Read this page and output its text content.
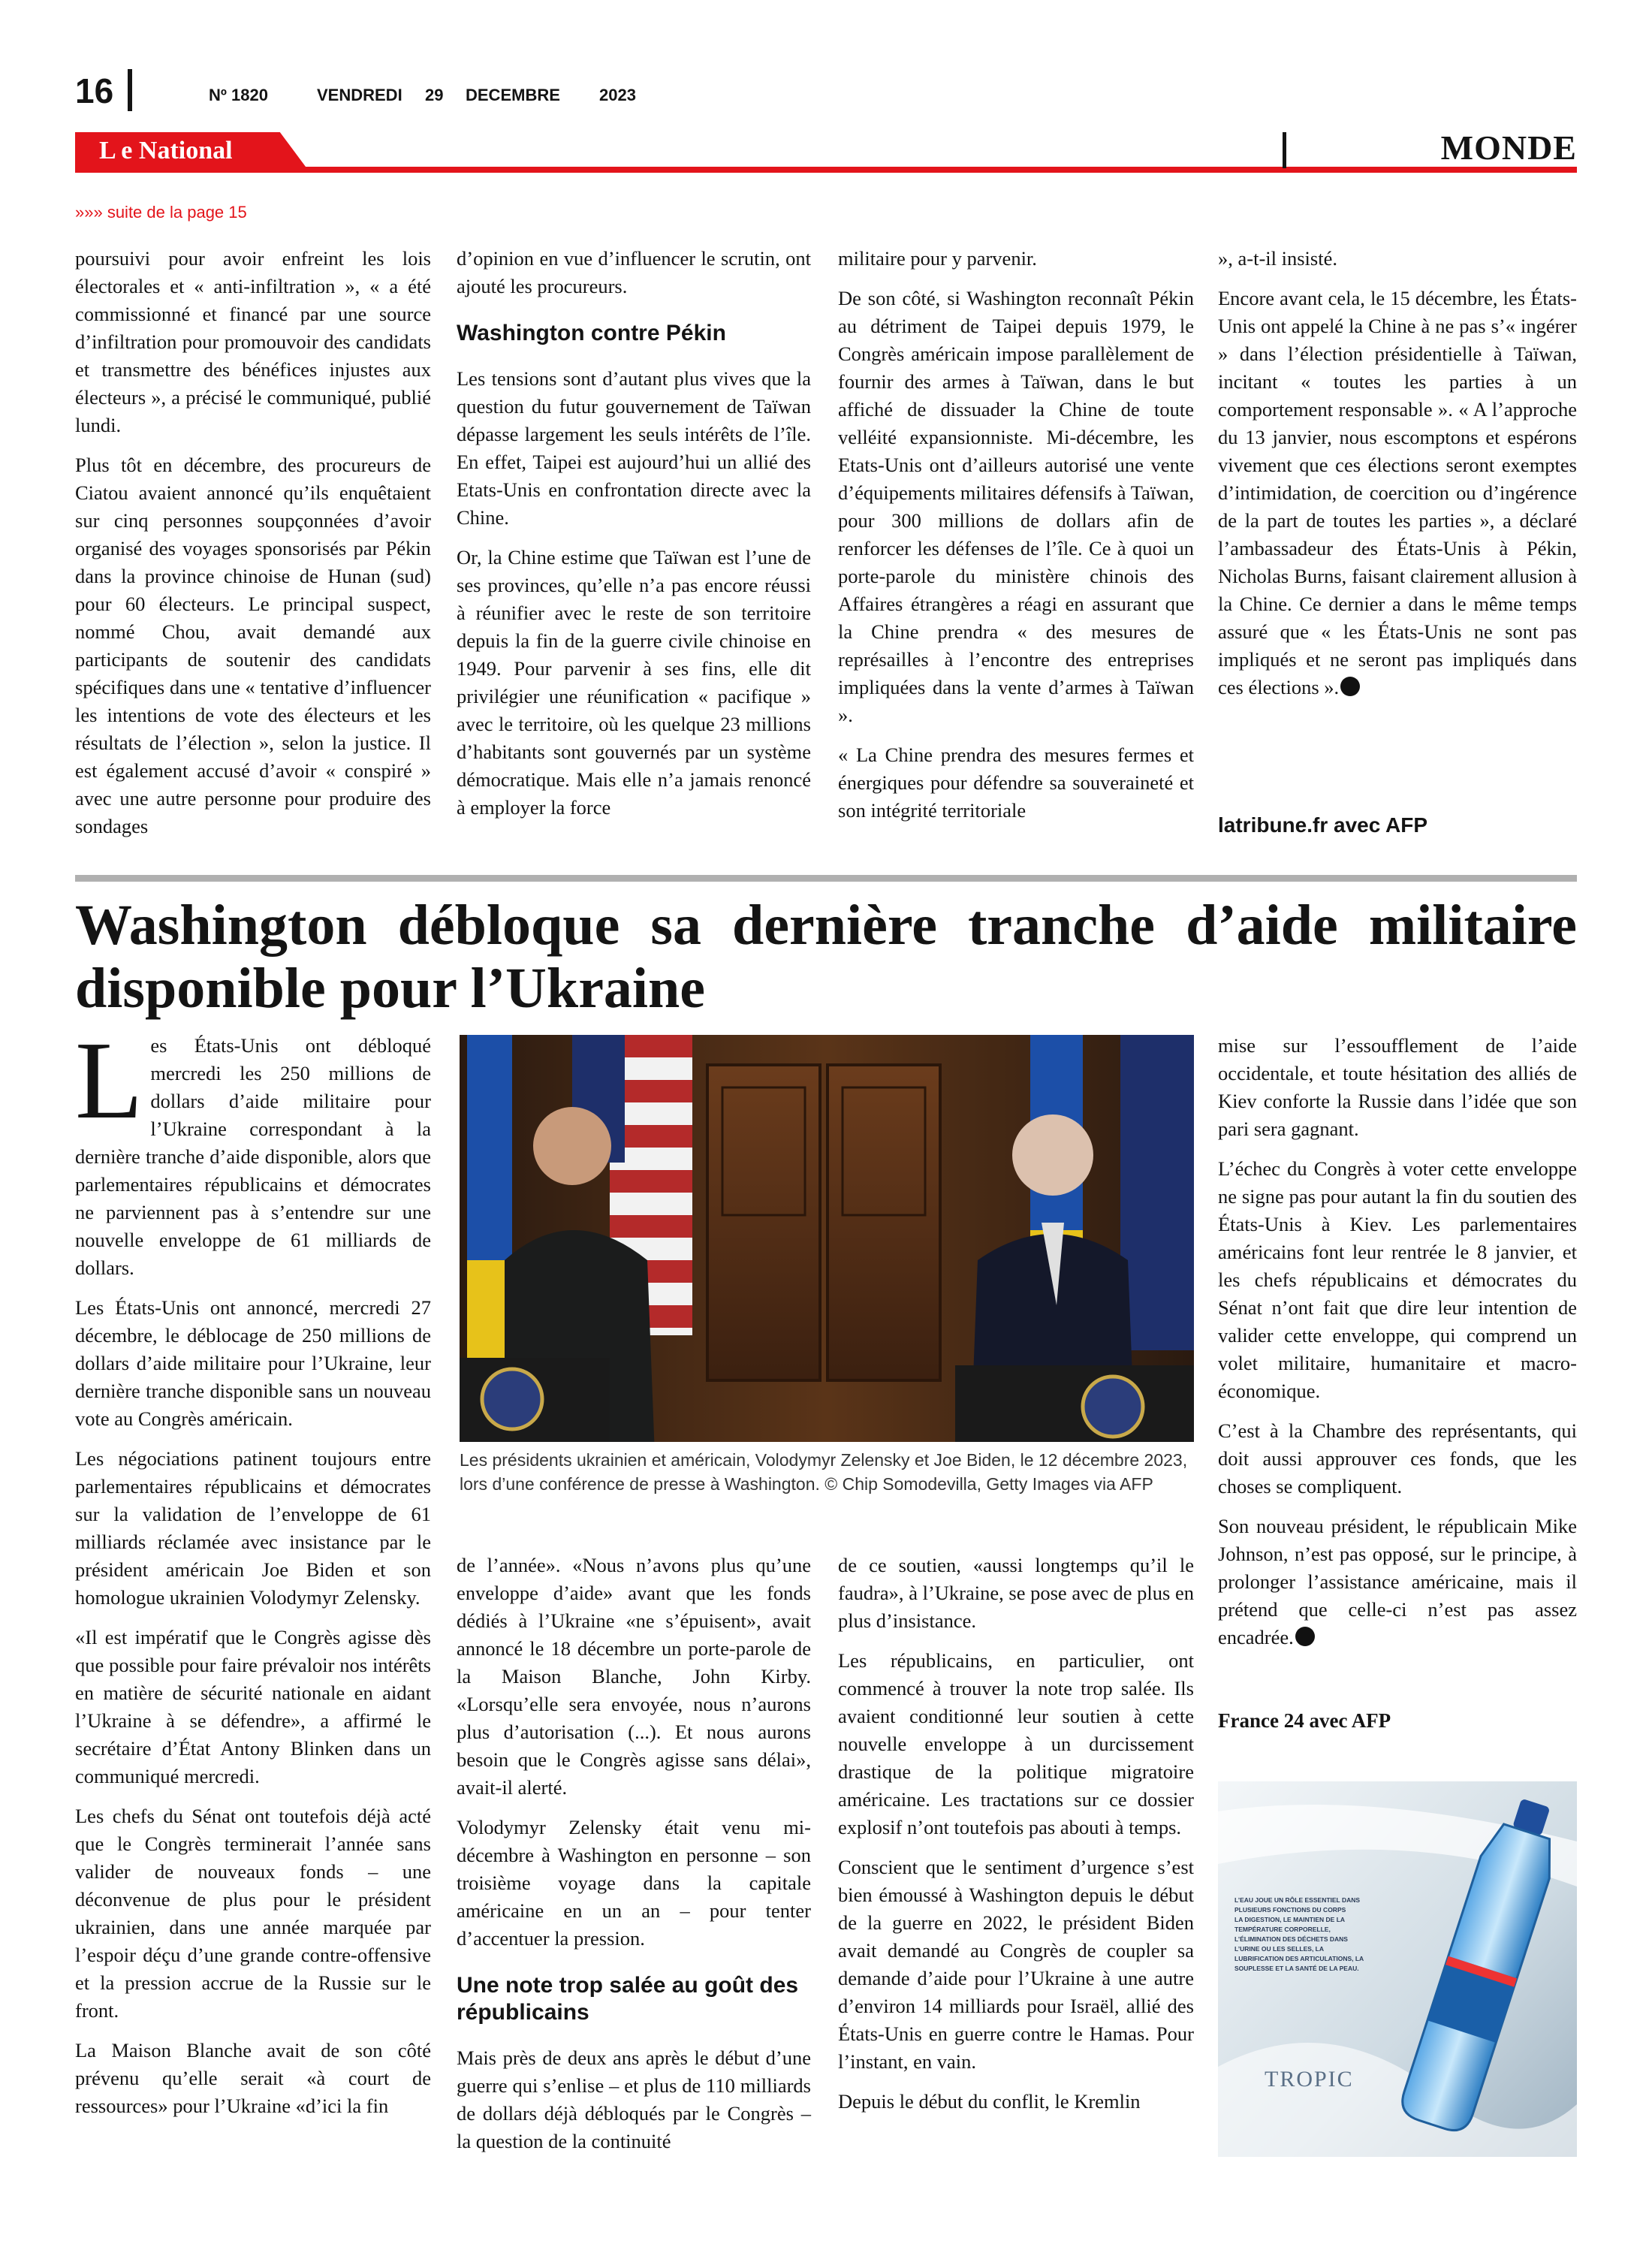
16	Nº 1820	VENDREDI 29 DECEMBRE 2023
L e National	MONDE
»»» suite de la page 15

poursuivi pour avoir enfreint les lois électorales et « anti-infiltration », « a été commissionné et financé par une source d’infiltration pour promouvoir des candidats et transmettre des bénéfices injustes aux électeurs », a précisé le communiqué, publié lundi.

Plus tôt en décembre, des procureurs de Ciatou avaient annoncé qu’ils enquêtaient sur cinq personnes soupçonnées d’avoir organisé des voyages sponsorisés par Pékin dans la province chinoise de Hunan (sud) pour 60 électeurs. Le principal suspect, nommé Chou, avait demandé aux participants de soutenir des candidats spécifiques dans une « tentative d’influencer les intentions de vote des électeurs et les résultats de l’élection », selon la justice. Il est également accusé d’avoir « conspiré » avec une autre personne pour produire des sondages

d’opinion en vue d’influencer le scrutin, ont ajouté les procureurs.

Washington contre Pékin

Les tensions sont d’autant plus vives que la question du futur gouvernement de Taïwan dépasse largement les seuls intérêts de l’île. En effet, Taipei est aujourd’hui un allié des Etats-Unis en confrontation directe avec la Chine.

Or, la Chine estime que Taïwan est l’une de ses provinces, qu’elle n’a pas encore réussi à réunifier avec le reste de son territoire depuis la fin de la guerre civile chinoise en 1949. Pour parvenir à ses fins, elle dit privilégier une réunification « pacifique » avec le territoire, où les quelque 23 millions d’habitants sont gouvernés par un système démocratique. Mais elle n’a jamais renoncé à employer la force

militaire pour y parvenir.

De son côté, si Washington reconnaît Pékin au détriment de Taipei depuis 1979, le Congrès américain impose parallèlement de fournir des armes à Taïwan, dans le but affiché de dissuader la Chine de toute velléité expansionniste. Mi-décembre, les Etats-Unis ont d’ailleurs autorisé une vente d’équipements militaires défensifs à Taïwan, pour 300 millions de dollars afin de renforcer les défenses de l’île. Ce à quoi un porte-parole du ministère chinois des Affaires étrangères a réagi en assurant que la Chine prendra « des mesures de représailles à l’encontre des entreprises impliquées dans la vente d’armes à Taïwan ».

« La Chine prendra des mesures fermes et énergiques pour défendre sa souveraineté et son intégrité territoriale

», a-t-il insisté.

Encore avant cela, le 15 décembre, les États-Unis ont appelé la Chine à ne pas s’« ingérer » dans l’élection présidentielle à Taïwan, incitant « toutes les parties à un comportement responsable ». « A l’approche du 13 janvier, nous escomptons et espérons vivement que ces élections seront exemptes d’intimidation, de coercition ou d’ingérence de la part de toutes les parties », a déclaré l’ambassadeur des États-Unis à Pékin, Nicholas Burns, faisant clairement allusion à la Chine. Ce dernier a dans le même temps assuré que « les États-Unis ne sont pas impliqués et ne seront pas impliqués dans ces élections ».

latribune.fr avec AFP
Washington débloque sa dernière tranche d’aide militaire disponible pour l’Ukraine

Les États-Unis ont débloqué mercredi les 250 millions de dollars d’aide militaire pour l’Ukraine correspondant à la dernière tranche d’aide disponible, alors que parlementaires républicains et démocrates ne parviennent pas à s’entendre sur une nouvelle enveloppe de 61 milliards de dollars.

Les États-Unis ont annoncé, mercredi 27 décembre, le déblocage de 250 millions de dollars d’aide militaire pour l’Ukraine, leur dernière tranche disponible sans un nouveau vote au Congrès américain.

Les négociations patinent toujours entre parlementaires républicains et démocrates sur la validation de l’enveloppe de 61 milliards réclamée avec insistance par le président américain Joe Biden et son homologue ukrainien Volodymyr Zelensky.

«Il est impératif que le Congrès agisse dès que possible pour faire prévaloir nos intérêts en matière de sécurité nationale en aidant l’Ukraine à se défendre», a affirmé le secrétaire d’État Antony Blinken dans un communiqué mercredi.

Les chefs du Sénat ont toutefois déjà acté que le Congrès terminerait l’année sans valider de nouveaux fonds – une déconvenue de plus pour le président ukrainien, dans une année marquée par l’espoir déçu d’une grande contre-offensive et la pression accrue de la Russie sur le front.

La Maison Blanche avait de son côté prévenu qu’elle serait «à court de ressources» pour l’Ukraine «d’ici la fin

Les présidents ukrainien et américain, Volodymyr Zelensky et Joe Biden, le 12 décembre 2023, lors d’une conférence de presse à Washington. © Chip Somodevilla, Getty Images via AFP

de l’année». «Nous n’avons plus qu’une enveloppe d’aide» avant que les fonds dédiés à l’Ukraine «ne s’épuisent», avait annoncé le 18 décembre un porte-parole de la Maison Blanche, John Kirby. «Lorsqu’elle sera envoyée, nous n’aurons plus d’autorisation (...). Et nous aurons besoin que le Congrès agisse sans délai», avait-il alerté.

Volodymyr Zelensky était venu mi-décembre à Washington en personne – son troisième voyage dans la capitale américaine en un an – pour tenter d’accentuer la pression.

Une note trop salée au goût des républicains

Mais près de deux ans après le début d’une guerre qui s’enlise – et plus de 110 milliards de dollars déjà débloqués par le Congrès – la question de la continuité

de ce soutien, «aussi longtemps qu’il le faudra», à l’Ukraine, se pose avec de plus en plus d’insistance.

Les républicains, en particulier, ont commencé à trouver la note trop salée. Ils avaient conditionné leur soutien à cette nouvelle enveloppe à un durcissement drastique de la politique migratoire américaine. Les tractations sur ce dossier explosif n’ont toutefois pas abouti à temps.

Conscient que le sentiment d’urgence s’est bien émoussé à Washington depuis le début de la guerre en 2022, le président Biden avait demandé au Congrès de coupler sa demande d’aide pour l’Ukraine à une autre d’environ 14 milliards pour Israël, allié des États-Unis en guerre contre le Hamas. Pour l’instant, en vain.

Depuis le début du conflit, le Kremlin

mise sur l’essoufflement de l’aide occidentale, et toute hésitation des alliés de Kiev conforte la Russie dans l’idée que son pari sera gagnant.

L’échec du Congrès à voter cette enveloppe ne signe pas pour autant la fin du soutien des États-Unis à Kiev. Les parlementaires américains font leur rentrée le 8 janvier, et les chefs républicains et démocrates du Sénat n’ont fait que dire leur intention de valider cette enveloppe, qui comprend un volet militaire, humanitaire et macro-économique.

C’est à la Chambre des représentants, qui doit aussi approuver ces fonds, que les choses se compliquent.

Son nouveau président, le républicain Mike Johnson, n’est pas opposé, sur le principe, à prolonger l’assistance américaine, mais il prétend que celle-ci n’est pas assez encadrée.

France 24 avec AFP
L’EAU JOUE UN RÔLE ESSENTIEL DANS
PLUSIEURS FONCTIONS DU CORPS
LA DIGESTION, LE MAINTIEN DE LA
TEMPÉRATURE CORPORELLE,
L’ÉLIMINATION DES DÉCHETS DANS
L’URINE OU LES SELLES, LA
LUBRIFICATION DES ARTICULATIONS, LA
SOUPLESSE ET LA SANTÉ DE LA PEAU.
TROPIC
